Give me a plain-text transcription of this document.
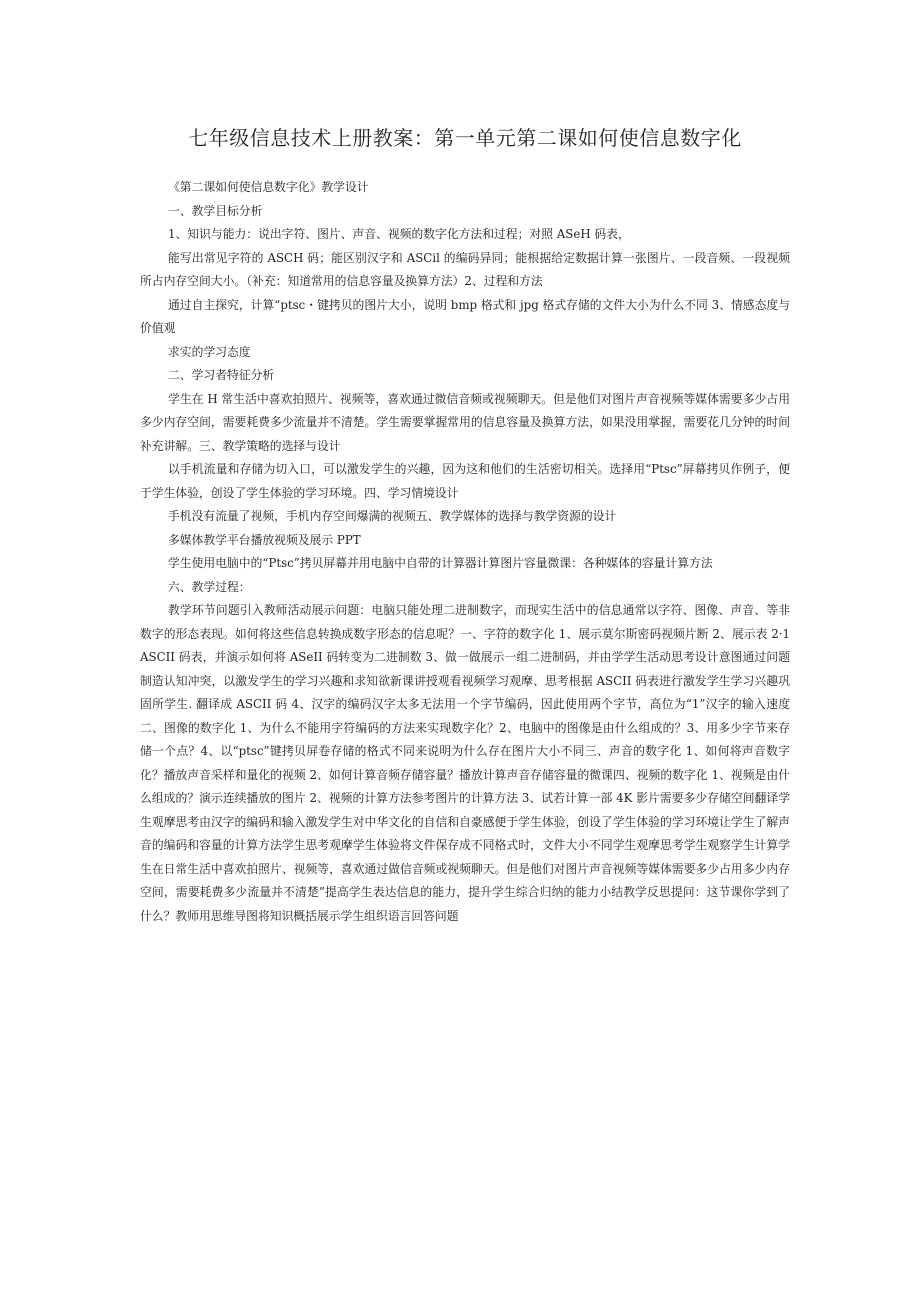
七年级信息技术上册教案：第一单元第二课如何使信息数字化

《第二课如何使信息数字化》教学设计

一、教学目标分析

1、知识与能力：说出字符、图片、声音、视频的数字化方法和过程；对照 ASeH 码表，

能写出常见字符的 ASCH 码；能区别汉字和 ASCil 的编码异同；能根据给定数据计算一张图片、一段音频、一段视频所占内存空间大小。（补充：知道常用的信息容量及换算方法）2、过程和方法

通过自主探究，计算“ptsc・键拷贝的图片大小，说明 bmp 格式和 jpg 格式存储的文件大小为什么不同 3、情感态度与价值观

求实的学习态度

二、学习者特征分析

学生在 H 常生活中喜欢拍照片、视频等，喜欢通过微信音频或视频聊天。但是他们对图片声音视频等媒体需要多少占用多少内存空间，需要耗费多少流量并不清楚。学生需要掌握常用的信息容量及换算方法，如果没用掌握，需要花几分钟的时间补充讲解。三、教学策略的选择与设计

以手机流量和存储为切入口，可以激发学生的兴趣，因为这和他们的生活密切相关。选择用“Ptsc”屏幕拷贝作例子，便于学生体验，创设了学生体验的学习环境。四、学习情境设计

手机没有流量了视频，手机内存空间爆满的视频五、教学媒体的选择与教学资源的设计

多媒体教学平台播放视频及展示 PPT

学生使用电脑中的“Ptsc”拷贝屏幕并用电脑中自带的计算器计算图片容量微课：各种媒体的容量计算方法

六、教学过程：

教学环节问题引入教师活动展示问题：电脑只能处理二进制数字，而现实生活中的信息通常以字符、图像、声音、等非数字的形态表现。如何将这些信息转换成数字形态的信息呢？一、字符的数字化 1、展示莫尔斯密码视频片断 2、展示表 2·1ASCII 码表，并演示如何将 ASeII 码转变为二进制数 3、做一做展示一组二进制码，并由学学生活动思考设计意图通过问题制造认知冲突，以激发学生的学习兴趣和求知欲新课讲授观看视频学习观摩、思考根据 ASCII 码表进行激发学生学习兴趣巩固所学生. 翻译成 ASCII 码 4、汉字的编码汉字太多无法用一个字节编码，因此使用两个字节，高位为“1”汉字的输入速度二、图像的数字化 1、为什么不能用字符编码的方法来实现数字化？2、电脑中的图像是由什么组成的？3、用多少字节来存储一个点？4、以“ptsc”键拷贝屏卷存储的格式不同来说明为什么存在图片大小不同三、声音的数字化 1、如何将声音数字化？播放声音采样和量化的视频 2、如何计算音频存储容量？播放计算声音存储容量的微课四、视频的数字化 1、视频是由什么组成的？演示连续播放的图片 2、视频的计算方法参考图片的计算方法 3、试若计算一部 4K 影片需要多少存储空间翻译学生观摩思考由汉字的编码和输入激发学生对中华文化的自信和自豪感便于学生体验，创设了学生体验的学习环境让学生了解声音的编码和容量的计算方法学生思考观摩学生体验将文件保存成不同格式时，文件大小不同学生观摩思考学生观察学生计算学生在日常生活中喜欢拍照片、视频等，喜欢通过做信音频或视频聊天。但是他们对图片声音视频等媒体需要多少占用多少内存空间，需要耗费多少流量并不清楚”提高学生表达信息的能力，提升学生综合归纳的能力小结教学反思提问：这节课你学到了什么？教师用思维导图将知识概括展示学生组织语言回答问题
